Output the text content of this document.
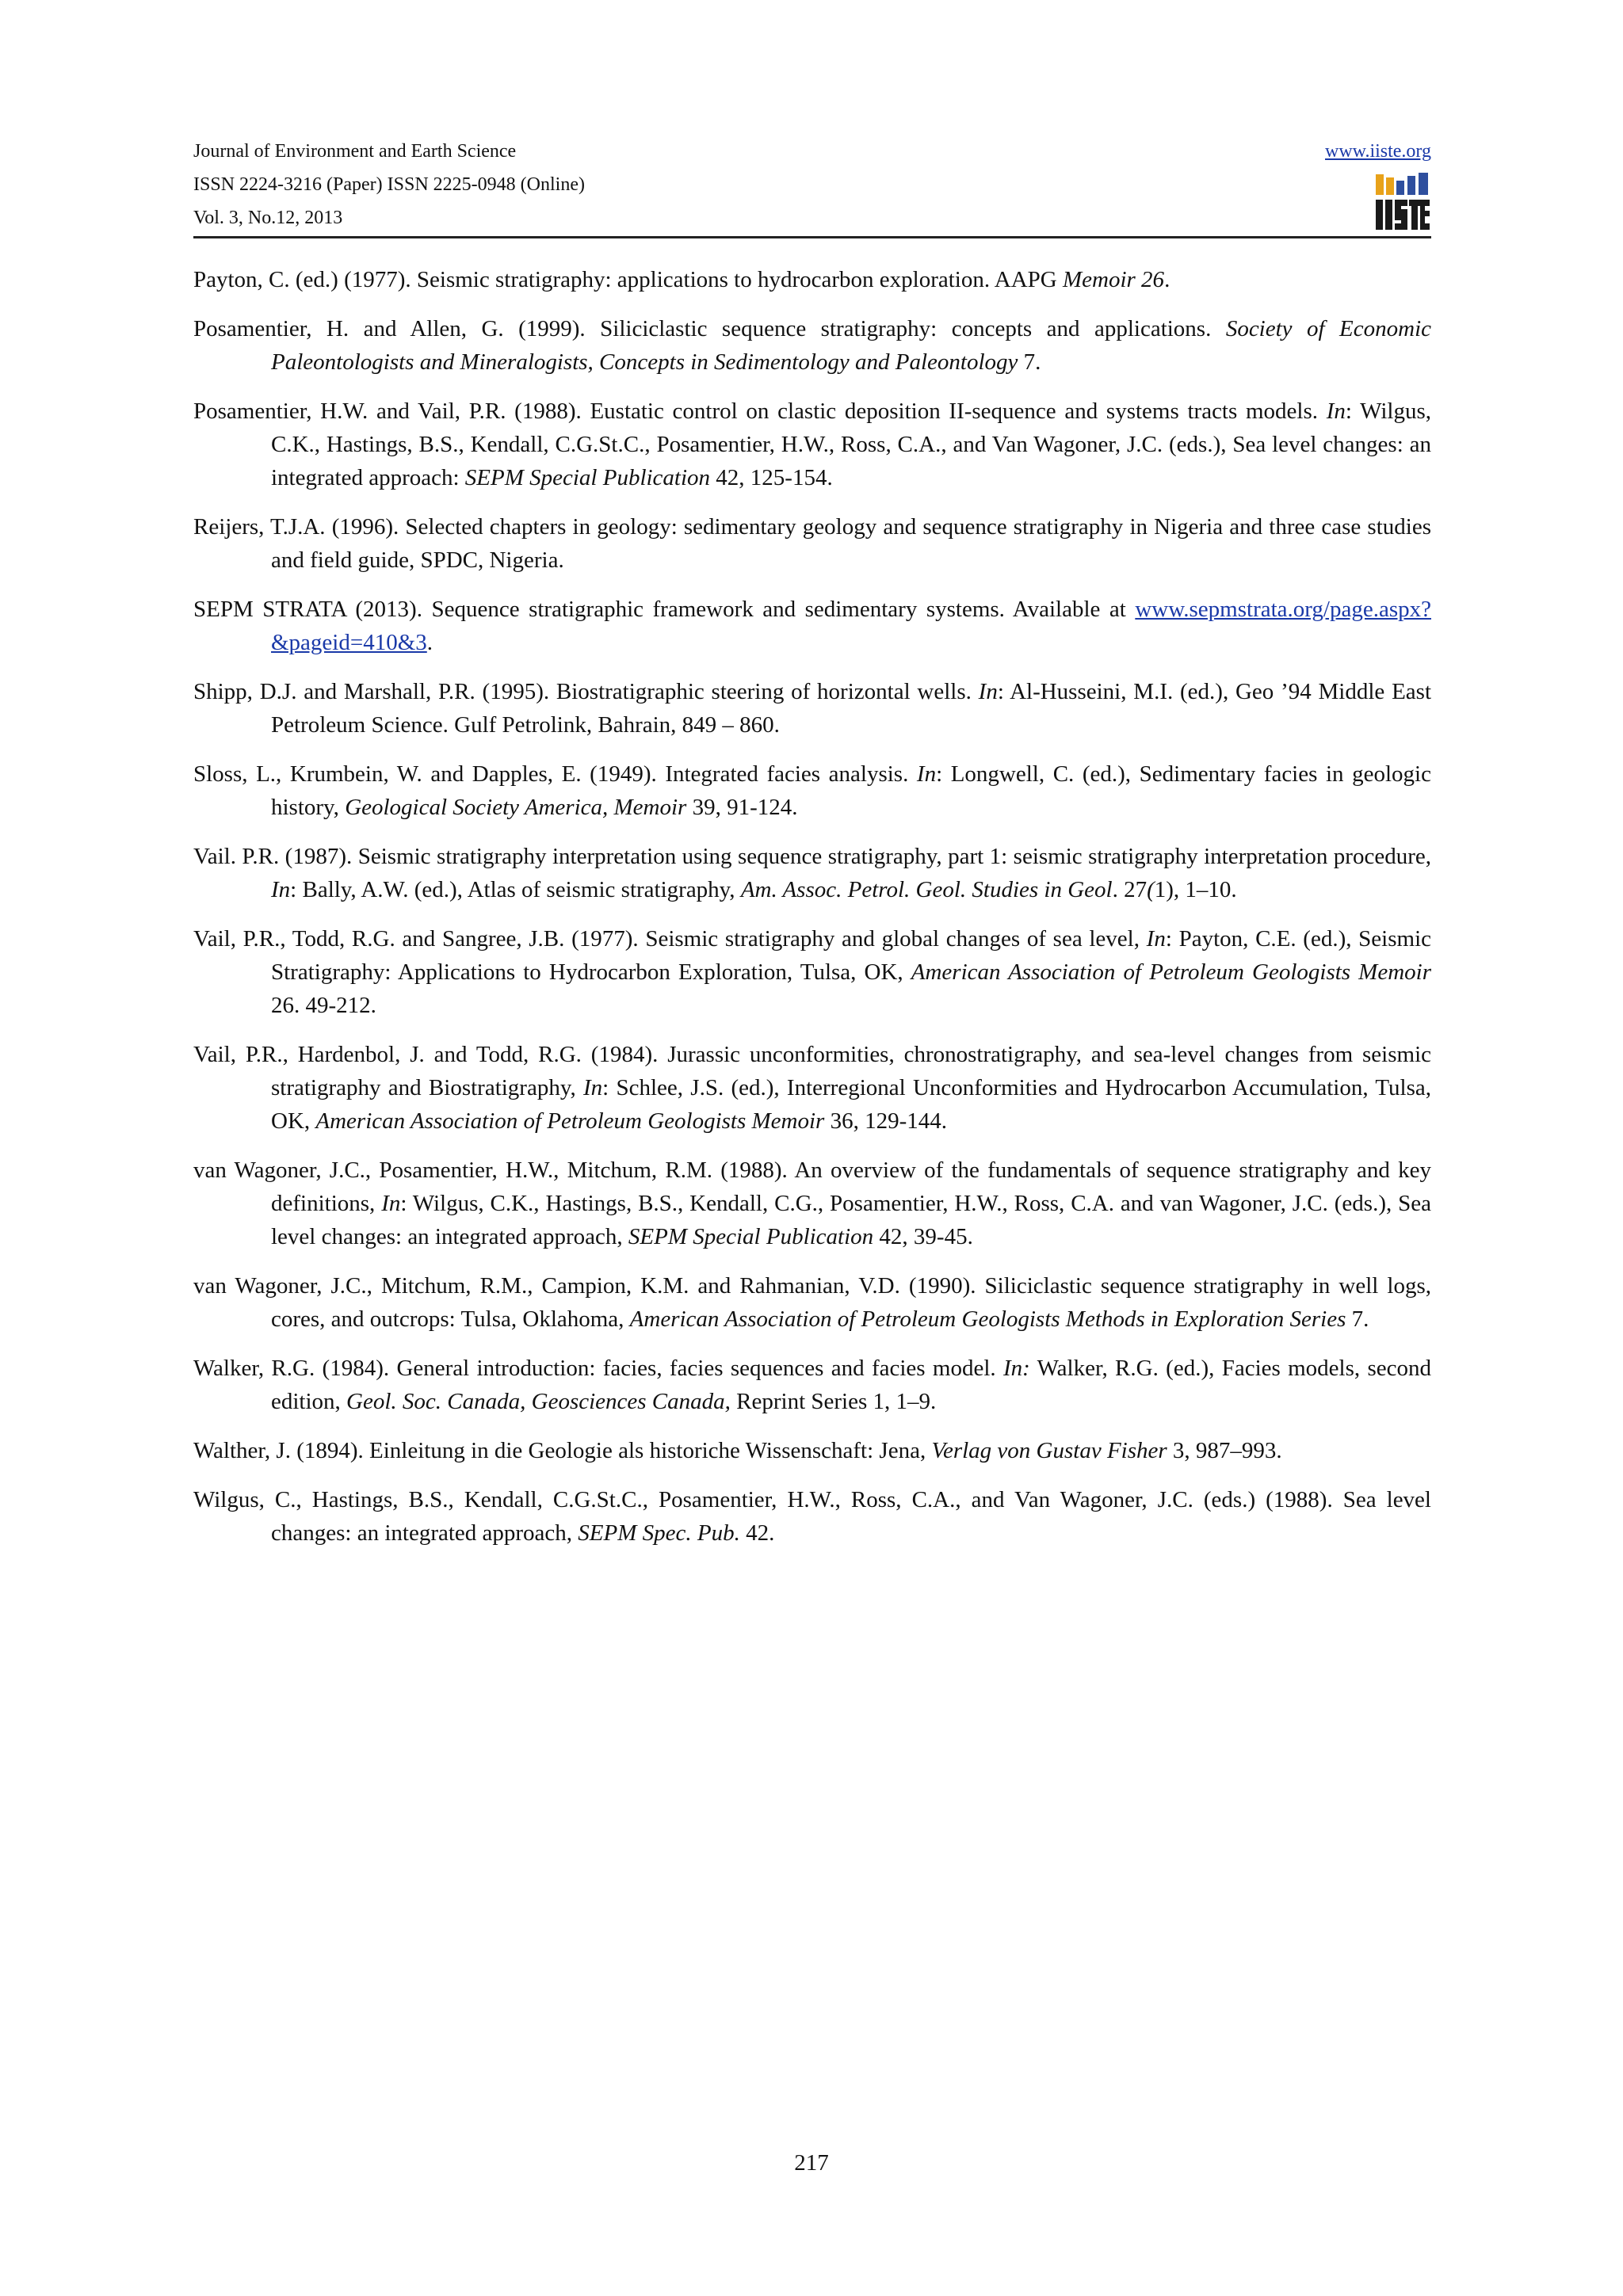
Journal of Environment and Earth Science
ISSN 2224-3216 (Paper) ISSN 2225-0948 (Online)
Vol. 3, No.12, 2013
www.iiste.org

Payton, C. (ed.) (1977). Seismic stratigraphy: applications to hydrocarbon exploration. AAPG Memoir 26.

Posamentier, H. and Allen, G. (1999). Siliciclastic sequence stratigraphy: concepts and applications. Society of Economic Paleontologists and Mineralogists, Concepts in Sedimentology and Paleontology 7.

Posamentier, H.W. and Vail, P.R. (1988). Eustatic control on clastic deposition II-sequence and systems tracts models. In: Wilgus, C.K., Hastings, B.S., Kendall, C.G.St.C., Posamentier, H.W., Ross, C.A., and Van Wagoner, J.C. (eds.), Sea level changes: an integrated approach: SEPM Special Publication 42, 125-154.

Reijers, T.J.A. (1996). Selected chapters in geology: sedimentary geology and sequence stratigraphy in Nigeria and three case studies and field guide, SPDC, Nigeria.

SEPM STRATA (2013). Sequence stratigraphic framework and sedimentary systems. Available at www.sepmstrata.org/page.aspx?&pageid=410&3.

Shipp, D.J. and Marshall, P.R. (1995). Biostratigraphic steering of horizontal wells. In: Al-Husseini, M.I. (ed.), Geo ’94 Middle East Petroleum Science. Gulf Petrolink, Bahrain, 849 – 860.

Sloss, L., Krumbein, W. and Dapples, E. (1949). Integrated facies analysis. In: Longwell, C. (ed.), Sedimentary facies in geologic history, Geological Society America, Memoir 39, 91-124.

Vail. P.R. (1987). Seismic stratigraphy interpretation using sequence stratigraphy, part 1: seismic stratigraphy interpretation procedure, In: Bally, A.W. (ed.), Atlas of seismic stratigraphy, Am. Assoc. Petrol. Geol. Studies in Geol. 27(1), 1–10.

Vail, P.R., Todd, R.G. and Sangree, J.B. (1977). Seismic stratigraphy and global changes of sea level, In: Payton, C.E. (ed.), Seismic Stratigraphy: Applications to Hydrocarbon Exploration, Tulsa, OK, American Association of Petroleum Geologists Memoir 26. 49-212.

Vail, P.R., Hardenbol, J. and Todd, R.G. (1984). Jurassic unconformities, chronostratigraphy, and sea-level changes from seismic stratigraphy and Biostratigraphy, In: Schlee, J.S. (ed.), Interregional Unconformities and Hydrocarbon Accumulation, Tulsa, OK, American Association of Petroleum Geologists Memoir 36, 129-144.

van Wagoner, J.C., Posamentier, H.W., Mitchum, R.M. (1988). An overview of the fundamentals of sequence stratigraphy and key definitions, In: Wilgus, C.K., Hastings, B.S., Kendall, C.G., Posamentier, H.W., Ross, C.A. and van Wagoner, J.C. (eds.), Sea level changes: an integrated approach, SEPM Special Publication 42, 39-45.

van Wagoner, J.C., Mitchum, R.M., Campion, K.M. and Rahmanian, V.D. (1990). Siliciclastic sequence stratigraphy in well logs, cores, and outcrops: Tulsa, Oklahoma, American Association of Petroleum Geologists Methods in Exploration Series 7.

Walker, R.G. (1984). General introduction: facies, facies sequences and facies model. In: Walker, R.G. (ed.), Facies models, second edition, Geol. Soc. Canada, Geosciences Canada, Reprint Series 1, 1–9.

Walther, J. (1894). Einleitung in die Geologie als historiche Wissenschaft: Jena, Verlag von Gustav Fisher 3, 987–993.

Wilgus, C., Hastings, B.S., Kendall, C.G.St.C., Posamentier, H.W., Ross, C.A., and Van Wagoner, J.C. (eds.) (1988). Sea level changes: an integrated approach, SEPM Spec. Pub. 42.

217
